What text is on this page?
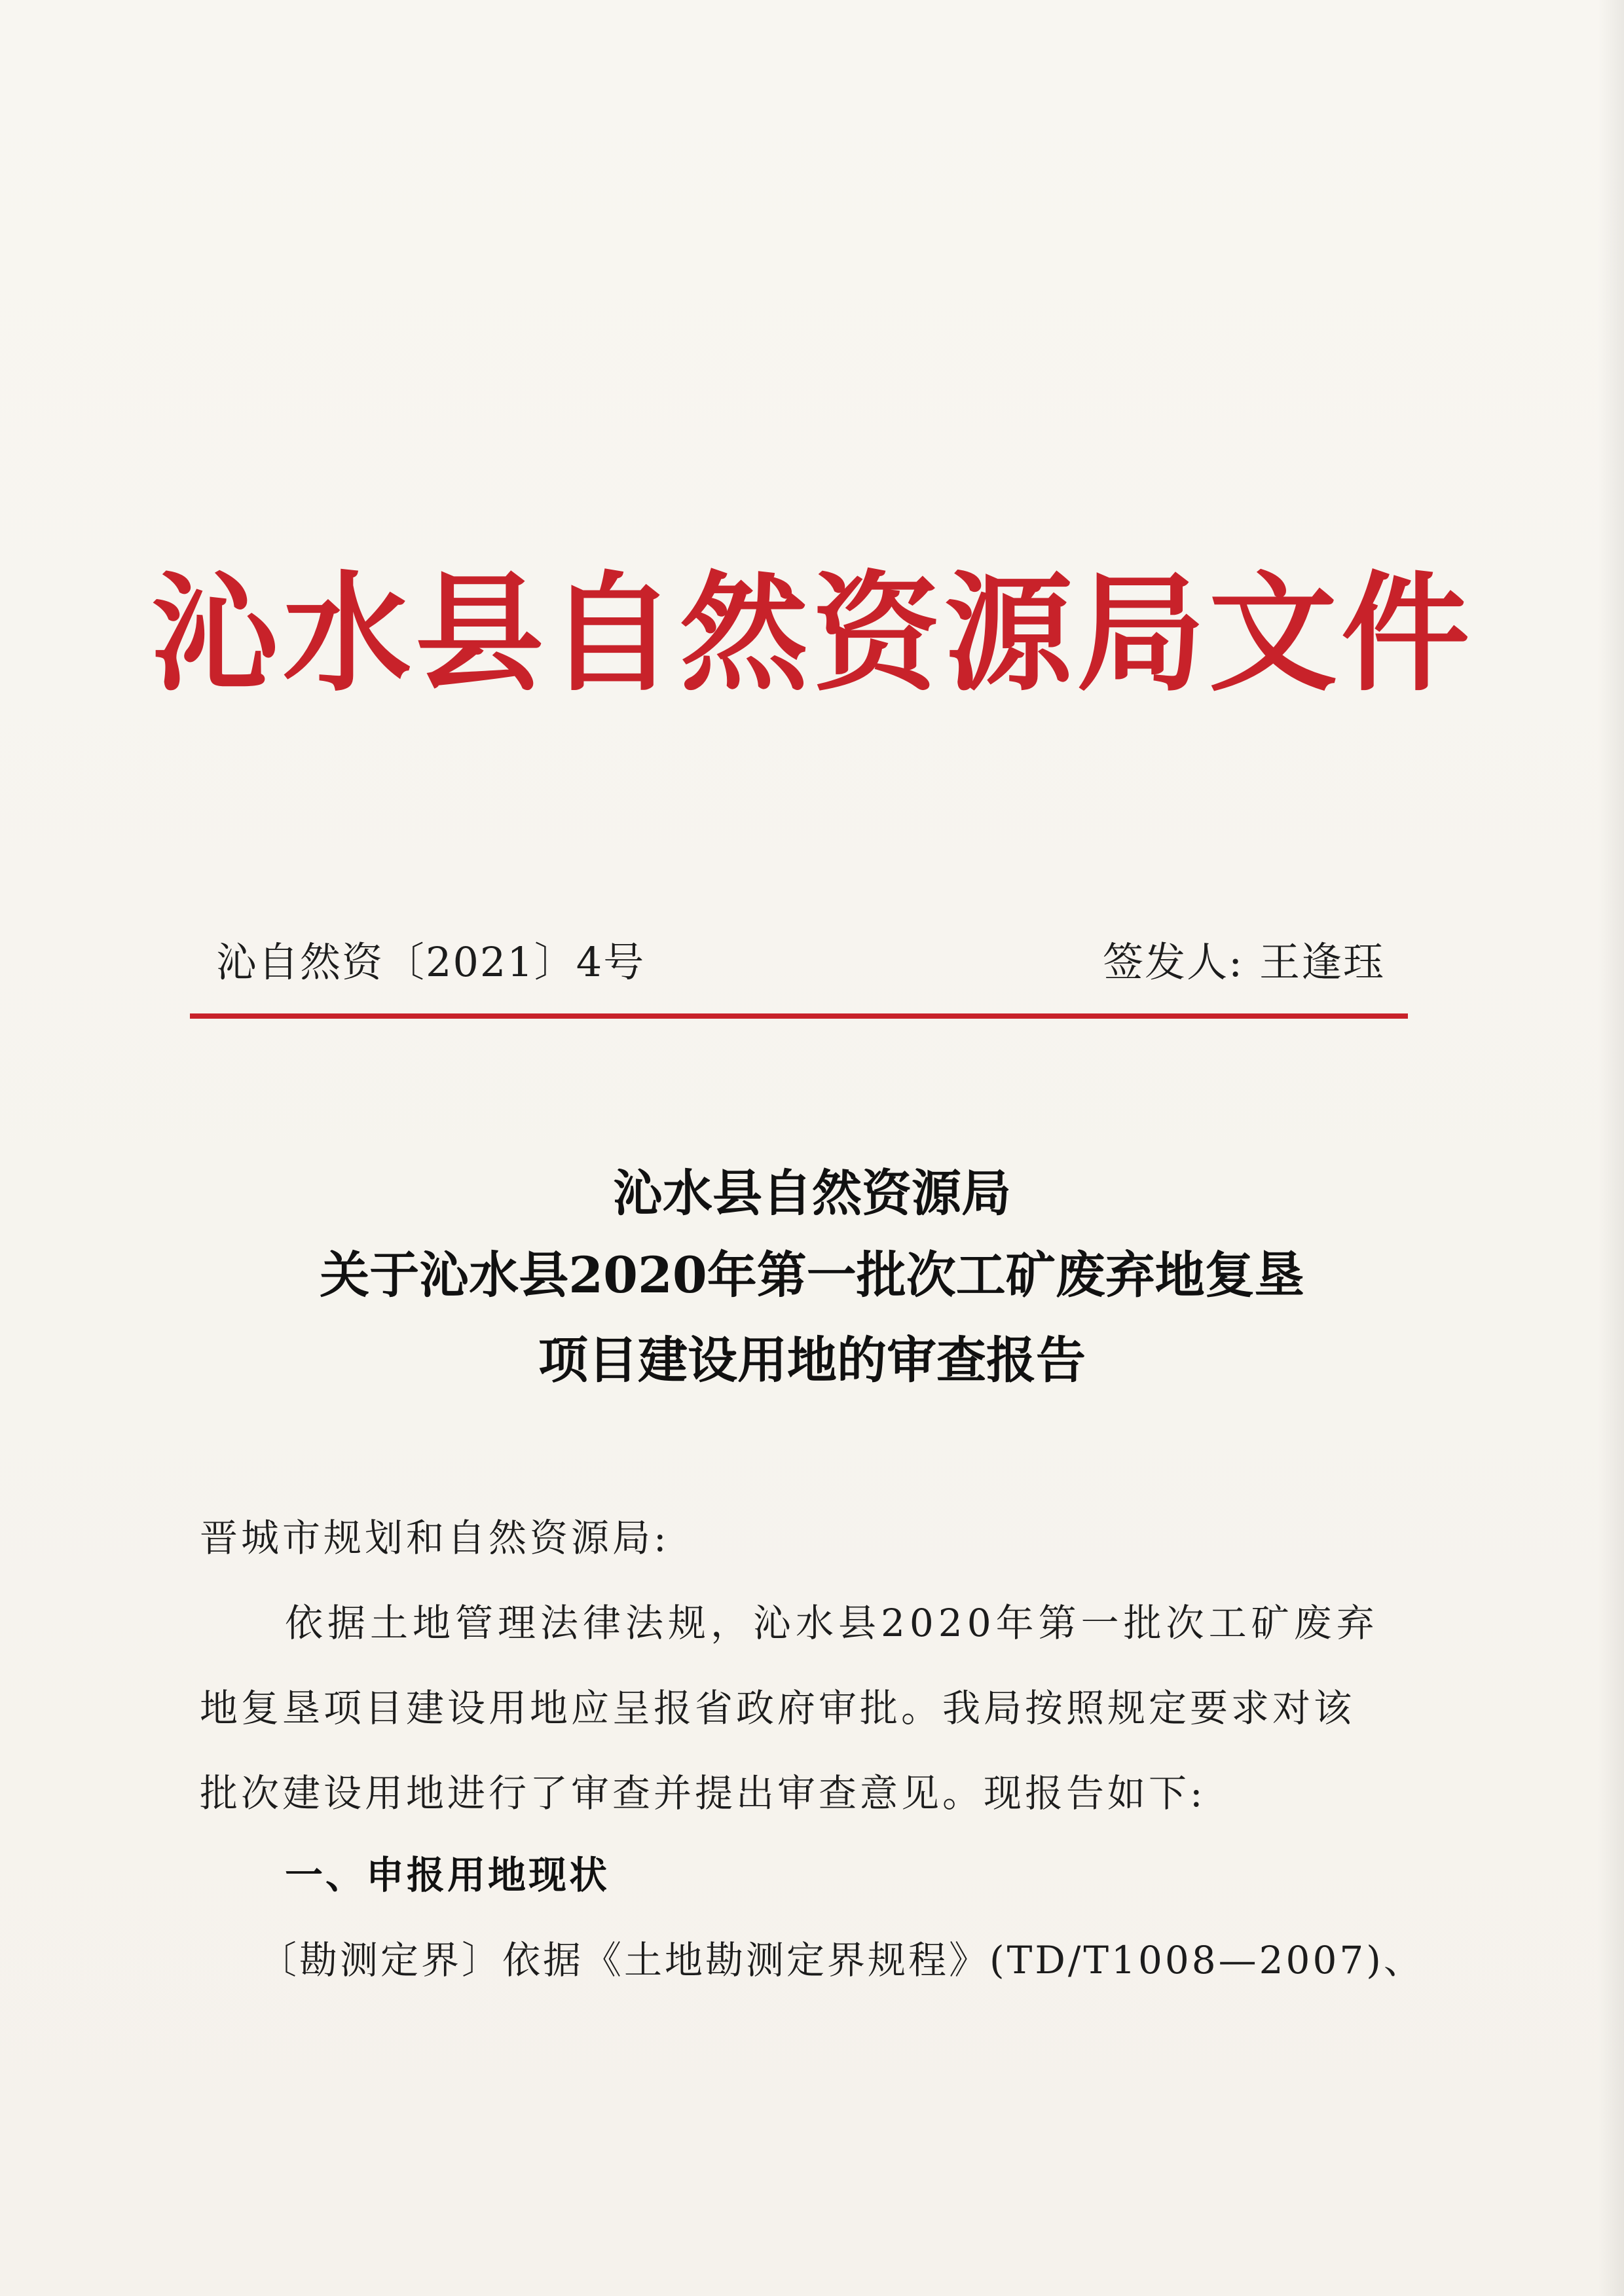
沁水县自然资源局文件
沁自然资〔2021〕4号	签发人: 王逢珏
沁水县自然资源局
关于沁水县2020年第一批次工矿废弃地复垦
项目建设用地的审查报告
晋城市规划和自然资源局:
依据土地管理法律法规，沁水县2020年第一批次工矿废弃
地复垦项目建设用地应呈报省政府审批。我局按照规定要求对该
批次建设用地进行了审查并提出审查意见。现报告如下:
一、申报用地现状
〔勘测定界〕依据《土地勘测定界规程》(TD/T1008—2007)、
